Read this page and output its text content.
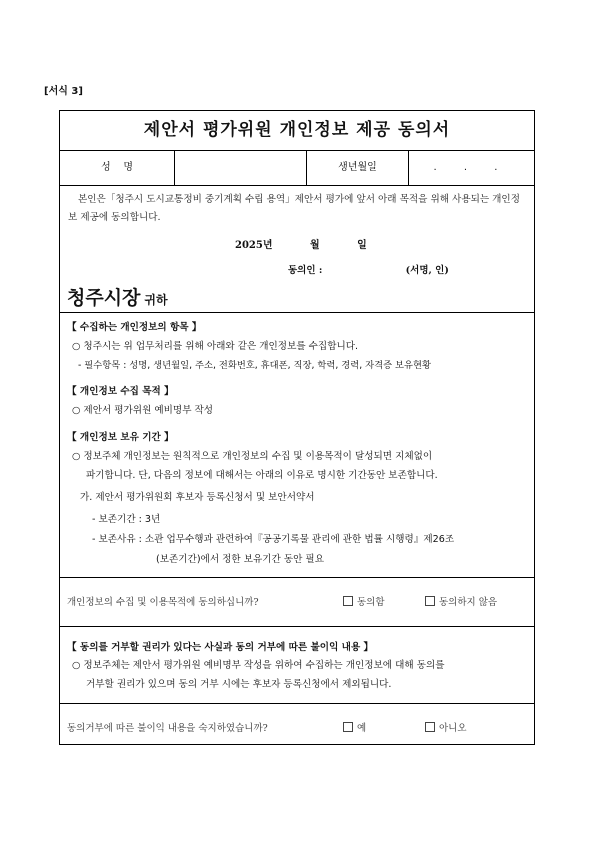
[서식 3]
제안서 평가위원 개인정보 제공 동의서
성    명	생년월일	. . .
본인은「청주시 도시교통정비 중기계획 수립 용역」제안서 평가에 앞서 아래 목적을 위해 사용되는 개인정보 제공에 동의합니다.
2025년	월	일
동의인 :	(서명, 인)
청주시장 귀하
【 수집하는 개인정보의 항목 】
○ 청주시는 위 업무처리를 위해 아래와 같은 개인정보를 수집합니다.
- 필수항목 : 성명, 생년월일, 주소, 전화번호, 휴대폰, 직장, 학력, 경력, 자격증 보유현황
【 개인정보 수집 목적 】
○ 제안서 평가위원 예비명부 작성
【 개인정보 보유 기간 】
○ 정보주체 개인정보는 원칙적으로 개인정보의 수집 및 이용목적이 달성되면 지체없이
파기합니다. 단, 다음의 정보에 대해서는 아래의 이유로 명시한 기간동안 보존합니다.
가. 제안서 평가위원회 후보자 등록신청서 및 보안서약서
- 보존기간 : 3년
- 보존사유 : 소관 업무수행과 관련하여『공공기록물 관리에 관한 법률 시행령』제26조
(보존기간)에서 정한 보유기간 동안 필요
개인정보의 수집 및 이용목적에 동의하십니까?	동의함	동의하지 않음
【 동의를 거부할 권리가 있다는 사실과 동의 거부에 따른 불이익 내용 】
○ 정보주체는 제안서 평가위원 예비명부 작성을 위하여 수집하는 개인정보에 대해 동의를
거부할 권리가 있으며 동의 거부 시에는 후보자 등록신청에서 제외됩니다.
동의거부에 따른 불이익 내용을 숙지하였습니까?	예	아니오
